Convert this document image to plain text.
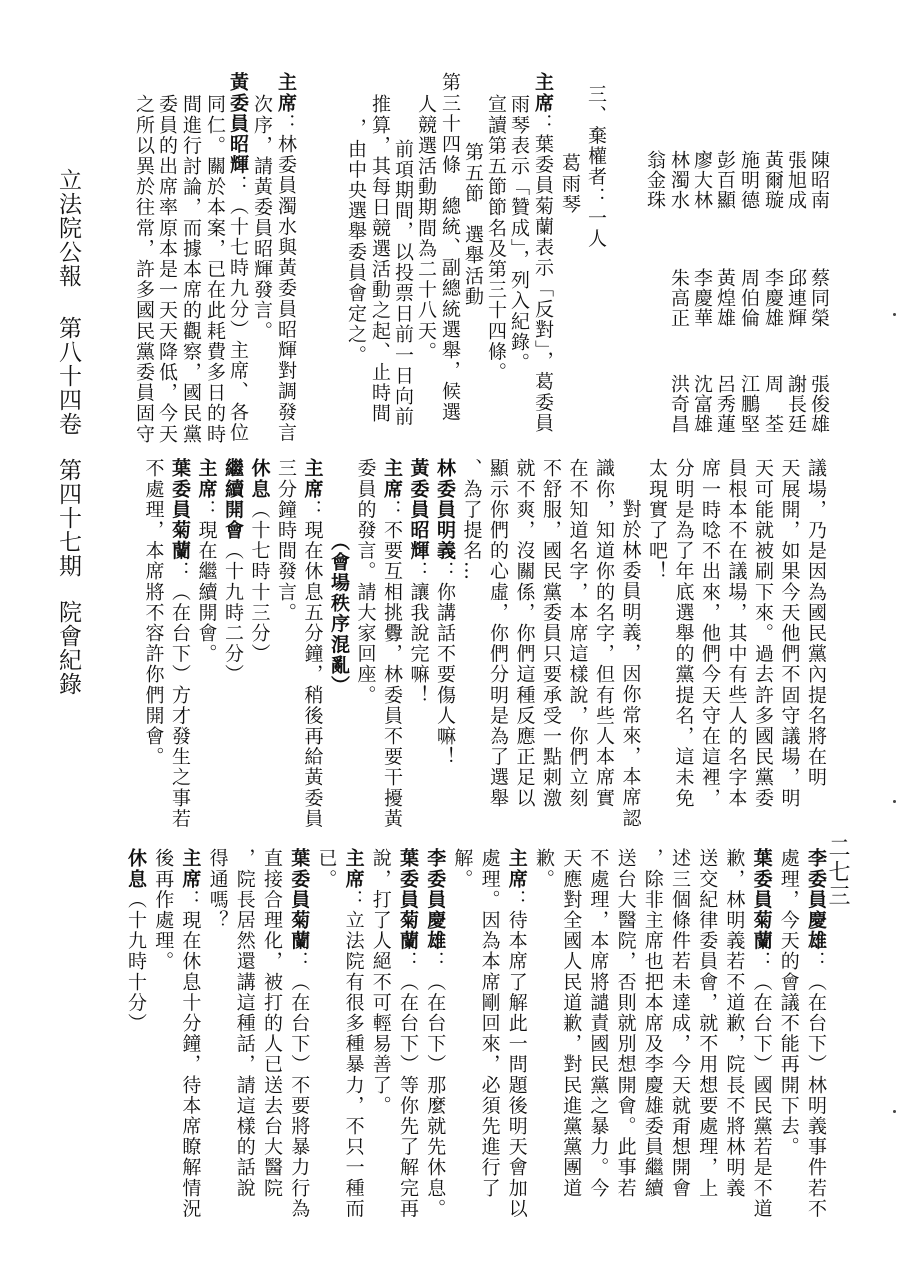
二七三
立法院公報第八十四卷第四十七期院會紀錄
李委員慶雄：（在台下）林明義事件若不
處理，今天的會議不能再開下去。
葉委員菊蘭：（在台下）國民黨若是不道
歉，林明義若不道歉，院長不將林明義
送交紀律委員會，就不用想要處理，上
述三個條件若未達成，今天就甭想開會
，除非主席也把本席及李慶雄委員繼續
送台大醫院，否則就別想開會。此事若
不處理，本席將譴責國民黨之暴力。今
天應對全國人民道歉，對民進黨黨團道
歉。
主席：待本席了解此一問題後明天會加以
處理。因為本席剛回來，必須先進行了
解。
李委員慶雄：（在台下）那麼就先休息。
葉委員菊蘭：（在台下）等你先了解完再
說，打了人絕不可輕易善了。
主席：立法院有很多種暴力，不只一種而
已。
葉委員菊蘭：（在台下）不要將暴力行為
直接合理化，被打的人已送去台大醫院
，院長居然還講這種話，請這樣的話說
得通嗎？
主席：現在休息十分鐘，待本席瞭解情況
後再作處理。
休息（十九時十分）
議場，乃是因為國民黨內提名將在明
天展開，如果今天他們不固守議場，明
天可能就被刷下來。過去許多國民黨委
員根本不在議場，其中有些人的名字本
席一時唸不出來，他們今天守在這裡，
分明是為了年底選舉的黨提名，這未免
太現實了吧！
　對於林委員明義，因你常來，本席認
識你，知道你的名字，但有些人本席實
在不知道名字，本席這樣說，你們立刻
不舒服，國民黨委員只要承受一點刺激
就不爽，沒關係，你們這種反應正足以
顯示你們的心虛，你們分明是為了選舉
、為了提名…
林委員明義：你講話不要傷人嘛！
黃委員昭輝：讓我說完嘛！
主席：不要互相挑釁，林委員不要干擾黃
委員的發言。請大家回座。
　（會場秩序混亂）
主席：現在休息五分鐘，稍後再給黃委員
三分鐘時間發言。
休息（十七時十三分）
繼續開會（十九時二分）
主席：現在繼續開會。
葉委員菊蘭：（在台下）方才發生之事若
不處理，本席將不容許你們開會。
三、棄權者：一人
　葛雨琴
主席：葉委員菊蘭表示「反對」，葛委員
雨琴表示「贊成」，列入紀錄。
宣讀第五節節名及第三十四條。
第五節　選舉活動
第三十四條　總統、副總統選舉，候選
人競選活動期間為二十八天。
　前項期間，以投票日前一日向前
推算，其每日競選活動之起、止時間
，由中央選舉委員會定之。
主席：林委員濁水與黃委員昭輝對調發言
次序，請黃委員昭輝發言。
黃委員昭輝：（十七時九分）主席、各位
同仁。關於本案，已在此耗費多日的時
間進行討論，而據本席的觀察，國民黨
委員的出席率原本是一天天降低，今天
之所以異於往常，許多國民黨委員固守	陳昭南
蔡同榮
張俊雄
張旭成
邱連輝
謝長廷
黃爾璇
李慶雄
周　荃
施明德
周伯倫
江鵬堅
彭百顯
黃煌雄
呂秀蓮
廖大林
李慶華
沈富雄
林濁水
朱高正
洪奇昌
翁金珠
